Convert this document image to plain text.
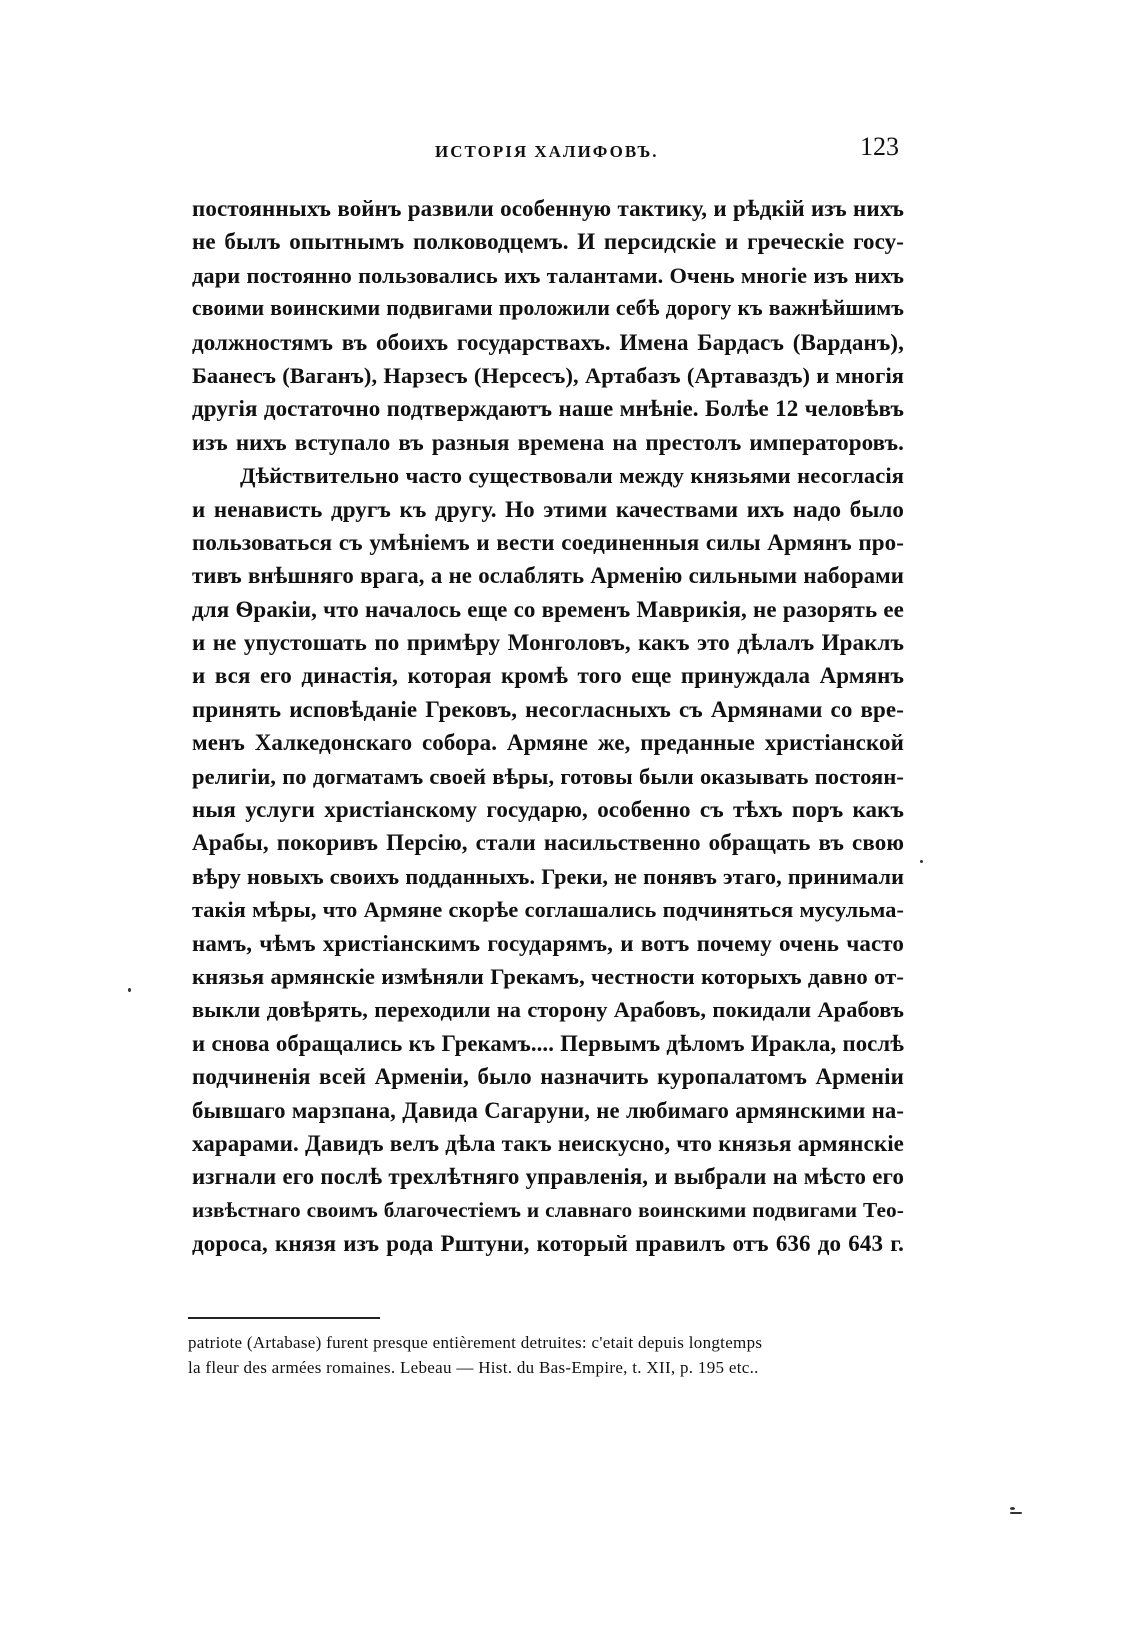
ИСТОРІЯ ХАЛИФОВЪ.	123
постоянныхъ войнъ развили особенную тактику, и рѣдкій изъ нихъ
не былъ опытнымъ полководцемъ. И персидскіе и греческіе госу-
дари постоянно пользовались ихъ талантами. Очень многіе изъ нихъ
своими воинскими подвигами проложили себѣ дорогу къ важнѣйшимъ
должностямъ въ обоихъ государствахъ. Имена Бардасъ (Варданъ),
Баанесъ (Ваганъ), Нарзесъ (Нерсесъ), Артабазъ (Артаваздъ) и многія
другія достаточно подтверждаютъ наше мнѣніе. Болѣе 12 человѣвъ
изъ нихъ вступало въ разныя времена на престолъ императоровъ.
Дѣйствительно часто существовали между князьями несогласія
и ненависть другъ къ другу. Но этими качествами ихъ надо было
пользоваться съ умѣніемъ и вести соединенныя силы Армянъ про-
тивъ внѣшняго врага, а не ослаблять Арменію сильными наборами
для Ѳракіи, что началось еще со временъ Маврикія, не разорять ее
и не упустошать по примѣру Монголовъ, какъ это дѣлалъ Ираклъ
и вся его династія, которая кромѣ того еще принуждала Армянъ
принять исповѣданіе Грековъ, несогласныхъ съ Армянами со вре-
менъ Халкедонскаго собора. Армяне же, преданные христіанской
религіи, по догматамъ своей вѣры, готовы были оказывать постоян-
ныя услуги христіанскому государю, особенно съ тѣхъ поръ какъ
Арабы, покоривъ Персію, стали насильственно обращать въ свою
вѣру новыхъ своихъ подданныхъ. Греки, не понявъ этаго, принимали
такія мѣры, что Армяне скорѣе соглашались подчиняться мусульма-
намъ, чѣмъ христіанскимъ государямъ, и вотъ почему очень часто
князья армянскіе измѣняли Грекамъ, честности которыхъ давно от-
выкли довѣрять, переходили на сторону Арабовъ, покидали Арабовъ
и снова обращались къ Грекамъ.... Первымъ дѣломъ Иракла, послѣ
подчиненія всей Арменіи, было назначить куропалатомъ Арменіи
бывшаго марзпана, Давида Сагаруни, не любимаго армянскими на-
харарами. Давидъ велъ дѣла такъ неискусно, что князья армянскіе
изгнали его послѣ трехлѣтняго управленія, и выбрали на мѣсто его
извѣстнаго своимъ благочестіемъ и славнаго воинскими подвигами Тео-
дороса, князя изъ рода Рштуни, который правилъ отъ 636 до 643 г.
patriote (Artabase) furent presque entièrement detruites: c'etait depuis longtemps
la fleur des armées romaines. Lebeau — Hist. du Bas-Empire, t. XII, p. 195 etc..
